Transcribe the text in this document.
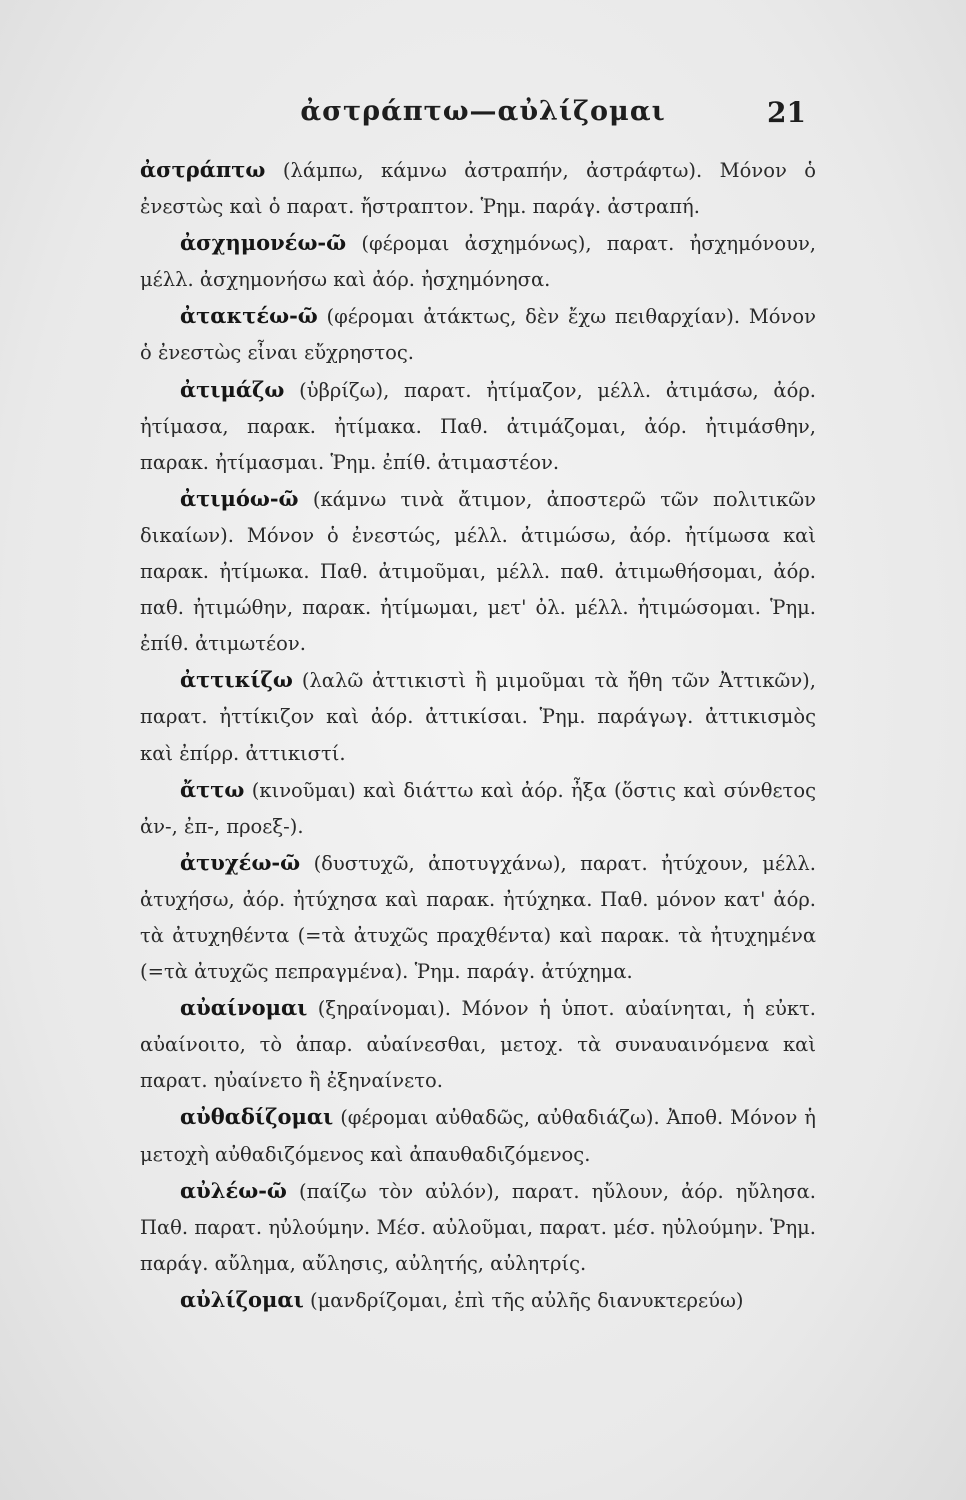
ἀστράπτω—αὐλίζομαι	21

ἀστράπτω (λάμπω, κάμνω ἀστραπήν, ἀστράφτω). Μόνον ὁ ἐνεστὼς καὶ ὁ παρατ. ἤστραπτον. Ῥημ. παράγ. ἀστραπή.

ἀσχημονέω-ῶ (φέρομαι ἀσχημόνως), παρατ. ἠσχημόνουν, μέλλ. ἀσχημονήσω καὶ ἀόρ. ἠσχημόνησα.

ἀτακτέω-ῶ (φέρομαι ἀτάκτως, δὲν ἔχω πειθαρχίαν). Μόνον ὁ ἐνεστὼς εἶναι εὔχρηστος.

ἀτιμάζω (ὑβρίζω), παρατ. ἠτίμαζον, μέλλ. ἀτιμάσω, ἀόρ. ἠτίμασα, παρακ. ἠτίμακα. Παθ. ἀτιμάζομαι, ἀόρ. ἠτιμάσθην, παρακ. ἠτίμασμαι. Ῥημ. ἐπίθ. ἀτιμαστέον.

ἀτιμόω-ῶ (κάμνω τινὰ ἄτιμον, ἀποστερῶ τῶν πολιτικῶν δικαίων). Μόνον ὁ ἐνεστώς, μέλλ. ἀτιμώσω, ἀόρ. ἠτίμωσα καὶ παρακ. ἠτίμωκα. Παθ. ἀτιμοῦμαι, μέλλ. παθ. ἀτιμωθήσομαι, ἀόρ. παθ. ἠτιμώθην, παρακ. ἠτίμωμαι, μετ' ὀλ. μέλλ. ἠτιμώσομαι. Ῥημ. ἐπίθ. ἀτιμωτέον.

ἀττικίζω (λαλῶ ἀττικιστὶ ἢ μιμοῦμαι τὰ ἤθη τῶν Ἀττικῶν), παρατ. ἠττίκιζον καὶ ἀόρ. ἀττικίσαι. Ῥημ. παράγωγ. ἀττικισμὸς καὶ ἐπίρρ. ἀττικιστί.

ἄττω (κινοῦμαι) καὶ διάττω καὶ ἀόρ. ἦξα (ὅστις καὶ σύνθετος ἀν-, ἐπ-, προεξ-).

ἀτυχέω-ῶ (δυστυχῶ, ἀποτυγχάνω), παρατ. ἠτύχουν, μέλλ. ἀτυχήσω, ἀόρ. ἠτύχησα καὶ παρακ. ἠτύχηκα. Παθ. μόνον κατ' ἀόρ. τὰ ἀτυχηθέντα (=τὰ ἀτυχῶς πραχθέντα) καὶ παρακ. τὰ ἠτυχημένα (=τὰ ἀτυχῶς πεπραγμένα). Ῥημ. παράγ. ἀτύχημα.

αὐαίνομαι (ξηραίνομαι). Μόνον ἡ ὑποτ. αὐαίνηται, ἡ εὐκτ. αὐαίνοιτο, τὸ ἀπαρ. αὐαίνεσθαι, μετοχ. τὰ συναυαινόμενα καὶ παρατ. ηὐαίνετο ἢ ἐξηναίνετο.

αὐθαδίζομαι (φέρομαι αὐθαδῶς, αὐθαδιάζω). Ἀποθ. Μόνον ἡ μετοχὴ αὐθαδιζόμενος καὶ ἀπαυθαδιζόμενος.

αὐλέω-ῶ (παίζω τὸν αὐλόν), παρατ. ηὔλουν, ἀόρ. ηὔλησα. Παθ. παρατ. ηὐλούμην. Μέσ. αὐλοῦμαι, παρατ. μέσ. ηὐλούμην. Ῥημ. παράγ. αὔλημα, αὔλησις, αὐλητής, αὐλητρίς.

αὐλίζομαι (μανδρίζομαι, ἐπὶ τῆς αὐλῆς διανυκτερεύω)
